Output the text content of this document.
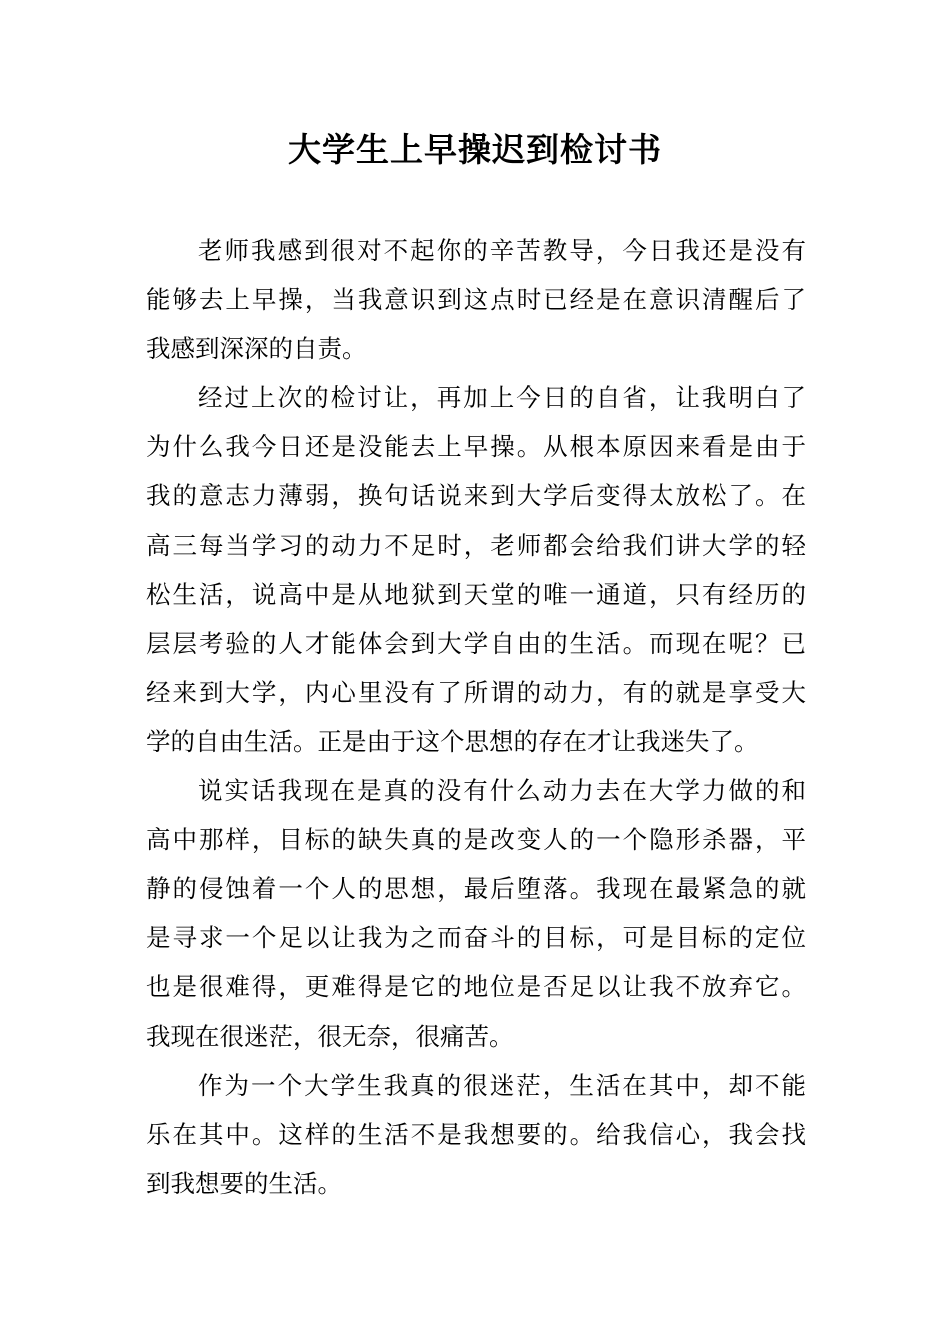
大学生上早操迟到检讨书
老师我感到很对不起你的辛苦教导，今日我还是没有
能够去上早操，当我意识到这点时已经是在意识清醒后了
我感到深深的自责。
经过上次的检讨让，再加上今日的自省，让我明白了
为什么我今日还是没能去上早操。从根本原因来看是由于
我的意志力薄弱，换句话说来到大学后变得太放松了。在
高三每当学习的动力不足时，老师都会给我们讲大学的轻
松生活，说高中是从地狱到天堂的唯一通道，只有经历的
层层考验的人才能体会到大学自由的生活。而现在呢？已
经来到大学，内心里没有了所谓的动力，有的就是享受大
学的自由生活。正是由于这个思想的存在才让我迷失了。
说实话我现在是真的没有什么动力去在大学力做的和
高中那样，目标的缺失真的是改变人的一个隐形杀器，平
静的侵蚀着一个人的思想，最后堕落。我现在最紧急的就
是寻求一个足以让我为之而奋斗的目标，可是目标的定位
也是很难得，更难得是它的地位是否足以让我不放弃它。
我现在很迷茫，很无奈，很痛苦。
作为一个大学生我真的很迷茫，生活在其中，却不能
乐在其中。这样的生活不是我想要的。给我信心，我会找
到我想要的生活。
